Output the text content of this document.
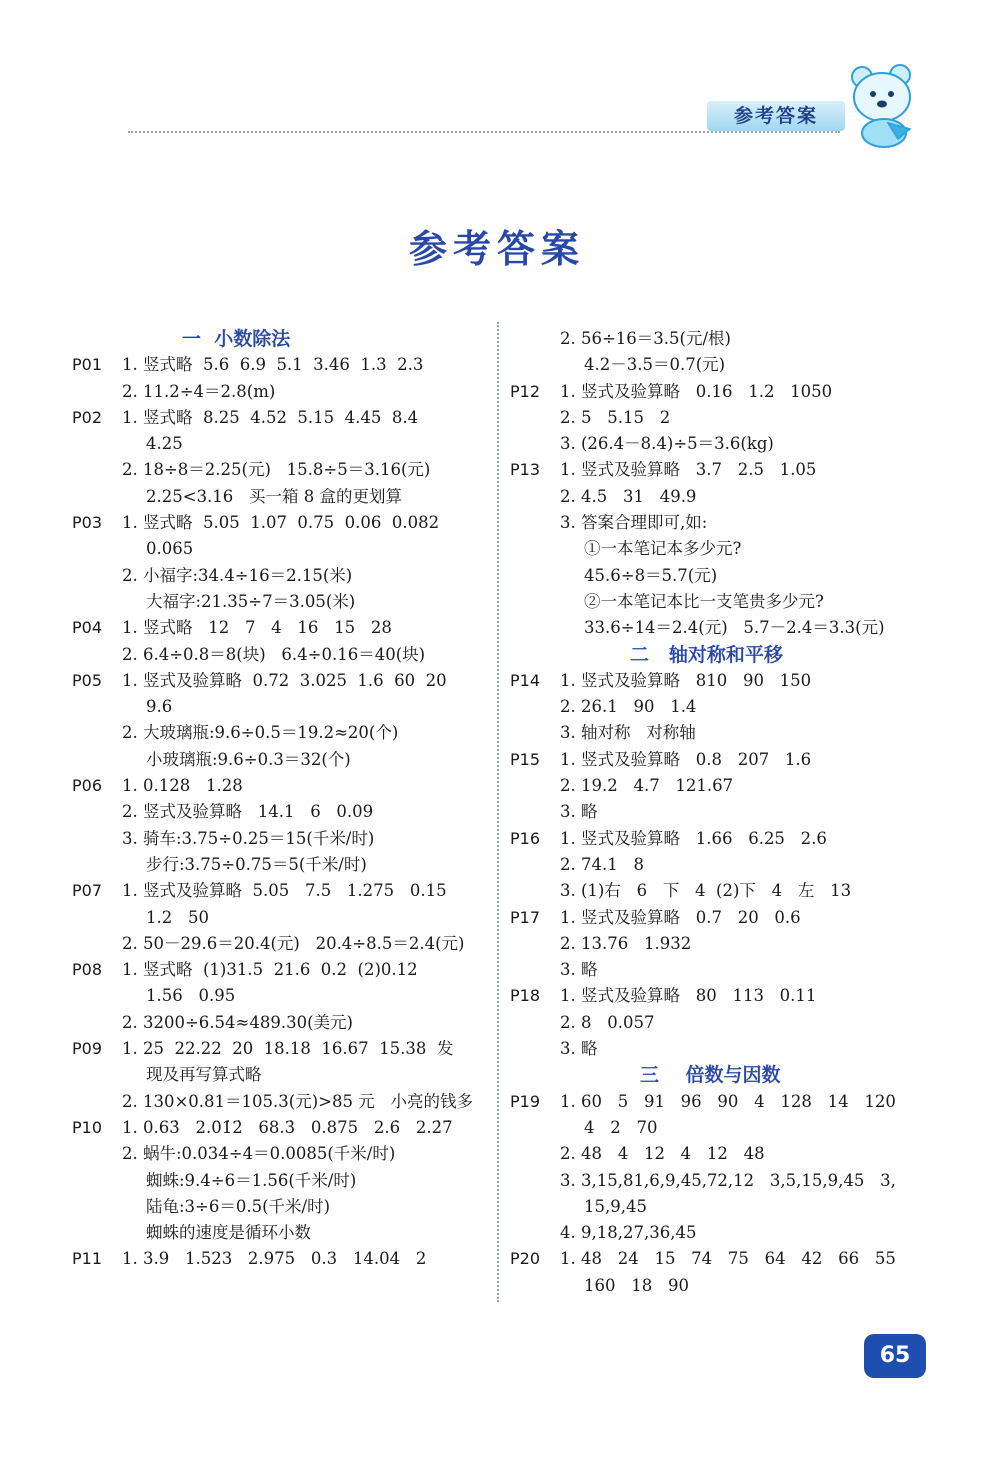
参考答案
参考答案
一  小数除法
P01	1. 竖式略  5.6  6.9  5.1  3.46  1.3  2.3
2. 11.2÷4＝2.8(m)
P02	1. 竖式略  8.25  4.52  5.15  4.45  8.4
4.25
2. 18÷8＝2.25(元)   15.8÷5＝3.16(元)
2.25<3.16   买一箱 8 盒的更划算
P03	1. 竖式略  5.05  1.07  0.75  0.06  0.082
0.065
2. 小福字:34.4÷16＝2.15(米)
大福字:21.35÷7＝3.05(米)
P04	1. 竖式略   12   7   4   16   15   28
2. 6.4÷0.8＝8(块)   6.4÷0.16＝40(块)
P05	1. 竖式及验算略  0.72  3.025  1.6  60  20
9.6
2. 大玻璃瓶:9.6÷0.5＝19.2≈20(个)
小玻璃瓶:9.6÷0.3＝32(个)
P06	1. 0.128   1.28
2. 竖式及验算略   14.1   6   0.09
3. 骑车:3.75÷0.25＝15(千米/时)
步行:3.75÷0.75＝5(千米/时)
P07	1. 竖式及验算略  5.05   7.5   1.275   0.15
1.2   50
2. 50－29.6＝20.4(元)   20.4÷8.5＝2.4(元)
P08	1. 竖式略  (1)31.5  21.6  0.2  (2)0.12
1.56   0.95
2. 3200÷6.54≈489.30(美元)
P09	1. 25  22.22  20  18.18  16.67  15.38  发
现及再写算式略
2. 130×0.81＝105.3(元)>85 元   小亮的钱多
P10	1. 0.63̇   2.01̇2̇   68.3̇   0.875   2.6̇   2.2̇7̇
2. 蜗牛:0.034÷4＝0.0085(千米/时)
蜘蛛:9.4÷6＝1.56̇(千米/时)
陆龟:3÷6＝0.5(千米/时)
蜘蛛的速度是循环小数
P11	1. 3.9   1.523   2.975   0.3   14.04   2
2. 56÷16＝3.5(元/根)
4.2－3.5＝0.7(元)
P12	1. 竖式及验算略   0.16   1.2   1050
2. 5   5.15   2
3. (26.4－8.4)÷5＝3.6(kg)
P13	1. 竖式及验算略   3.7   2.5   1.05
2. 4.5   31   49.9
3. 答案合理即可,如:
①一本笔记本多少元?
45.6÷8＝5.7(元)
②一本笔记本比一支笔贵多少元?
33.6÷14＝2.4(元)   5.7－2.4＝3.3(元)
二   轴对称和平移
P14	1. 竖式及验算略   810   90   150
2. 26.1   90   1.4
3. 轴对称   对称轴
P15	1. 竖式及验算略   0.8   207   1.6
2. 19.2   4.7   121.67
3. 略
P16	1. 竖式及验算略   1.66   6.25   2.6
2. 74.1   8
3. (1)右   6   下   4  (2)下   4   左   13
P17	1. 竖式及验算略   0.7   20   0.6
2. 13.76   1.932
3. 略
P18	1. 竖式及验算略   80   113   0.11
2. 8   0.057
3. 略
三    倍数与因数
P19	1. 60   5   91   96   90   4   128   14   120
4   2   70
2. 48   4   12   4   12   48
3. 3,15,81,6,9,45,72,12   3,5,15,9,45   3,
15,9,45
4. 9,18,27,36,45
P20	1. 48   24   15   74   75   64   42   66   55
160   18   90
65
